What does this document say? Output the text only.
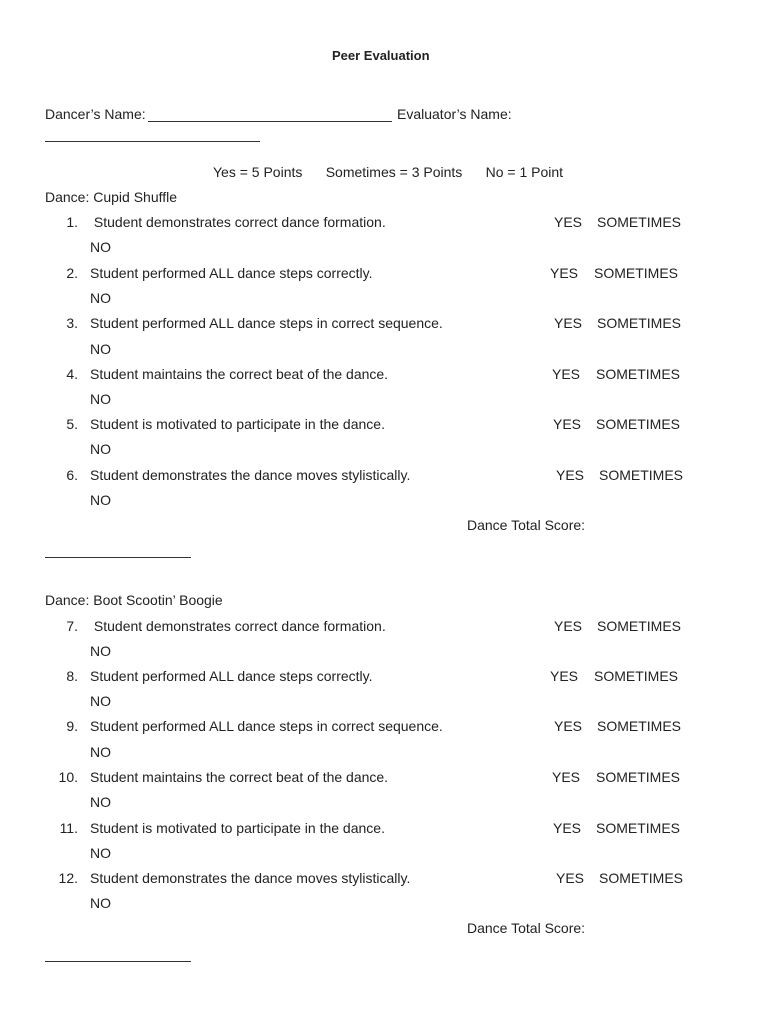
Peer Evaluation
Dancer’s Name:	Evaluator’s Name:
Yes = 5 Points      Sometimes = 3 Points      No = 1 Point
Dance: Cupid Shuffle
1. Student demonstrates correct dance formation.	YES SOMETIMES
NO
2. Student performed ALL dance steps correctly.	YES SOMETIMES
NO
3. Student performed ALL dance steps in correct sequence.	YES SOMETIMES
NO
4. Student maintains the correct beat of the dance.	YES SOMETIMES
NO
5. Student is motivated to participate in the dance.	YES SOMETIMES
NO
6. Student demonstrates the dance moves stylistically.	YES SOMETIMES
NO
Dance Total Score:
Dance: Boot Scootin’ Boogie
7. Student demonstrates correct dance formation.	YES SOMETIMES
NO
8. Student performed ALL dance steps correctly.	YES SOMETIMES
NO
9. Student performed ALL dance steps in correct sequence.	YES SOMETIMES
NO
10. Student maintains the correct beat of the dance.	YES SOMETIMES
NO
11. Student is motivated to participate in the dance.	YES SOMETIMES
NO
12. Student demonstrates the dance moves stylistically.	YES SOMETIMES
NO
Dance Total Score:
